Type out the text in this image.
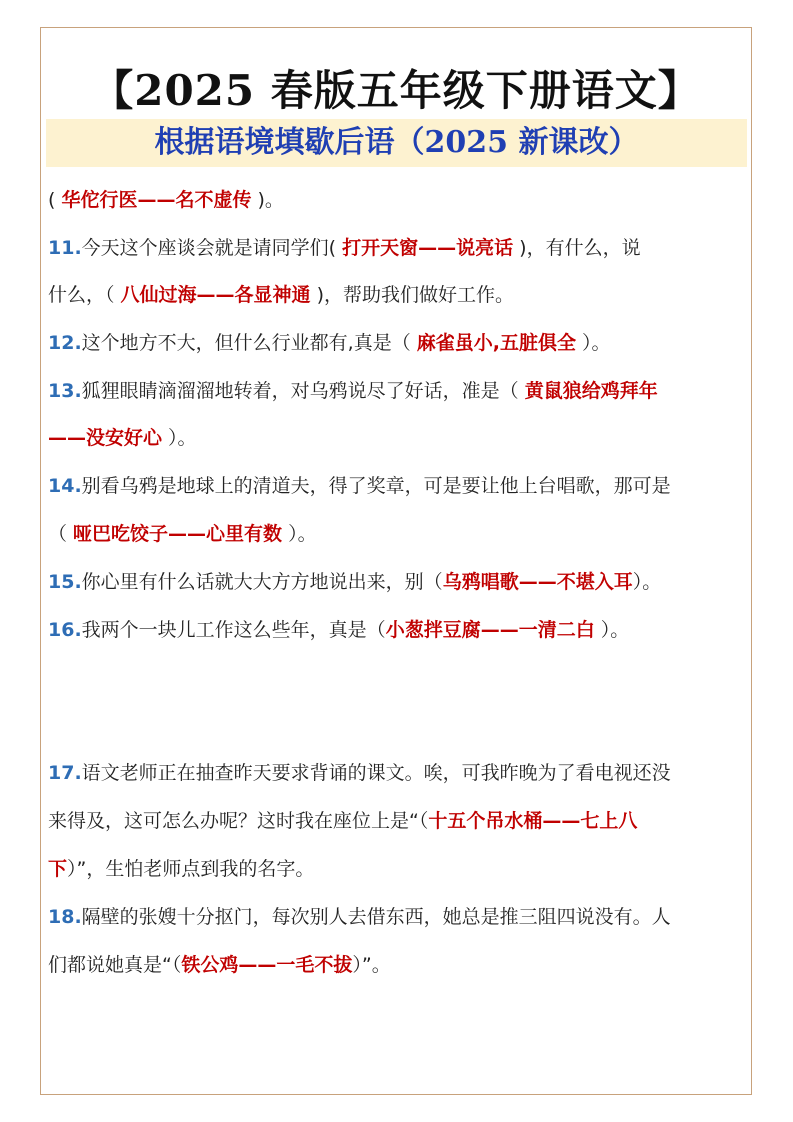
【2025 春版五年级下册语文】
根据语境填歇后语（2025 新课改）
( 华佗行医——名不虚传 )。
11.今天这个座谈会就是请同学们( 打开天窗——说亮话 )，有什么，说
什么，（ 八仙过海——各显神通 )，帮助我们做好工作。
12.这个地方不大，但什么行业都有,真是（ 麻雀虽小,五脏俱全 ）。
13.狐狸眼睛滴溜溜地转着，对乌鸦说尽了好话，准是（ 黄鼠狼给鸡拜年
——没安好心 ）。
14.别看乌鸦是地球上的清道夫，得了奖章，可是要让他上台唱歌，那可是
（ 哑巴吃饺子——心里有数 ）。
15.你心里有什么话就大大方方地说出来，别（乌鸦唱歌——不堪入耳）。
16.我两个一块儿工作这么些年，真是（小葱拌豆腐——一清二白 ）。
17.语文老师正在抽查昨天要求背诵的课文。唉，可我昨晚为了看电视还没
来得及，这可怎么办呢？这时我在座位上是“（十五个吊水桶——七上八
下）”，生怕老师点到我的名字。
18.隔壁的张嫂十分抠门，每次别人去借东西，她总是推三阻四说没有。人
们都说她真是“（铁公鸡——一毛不拔）”。
